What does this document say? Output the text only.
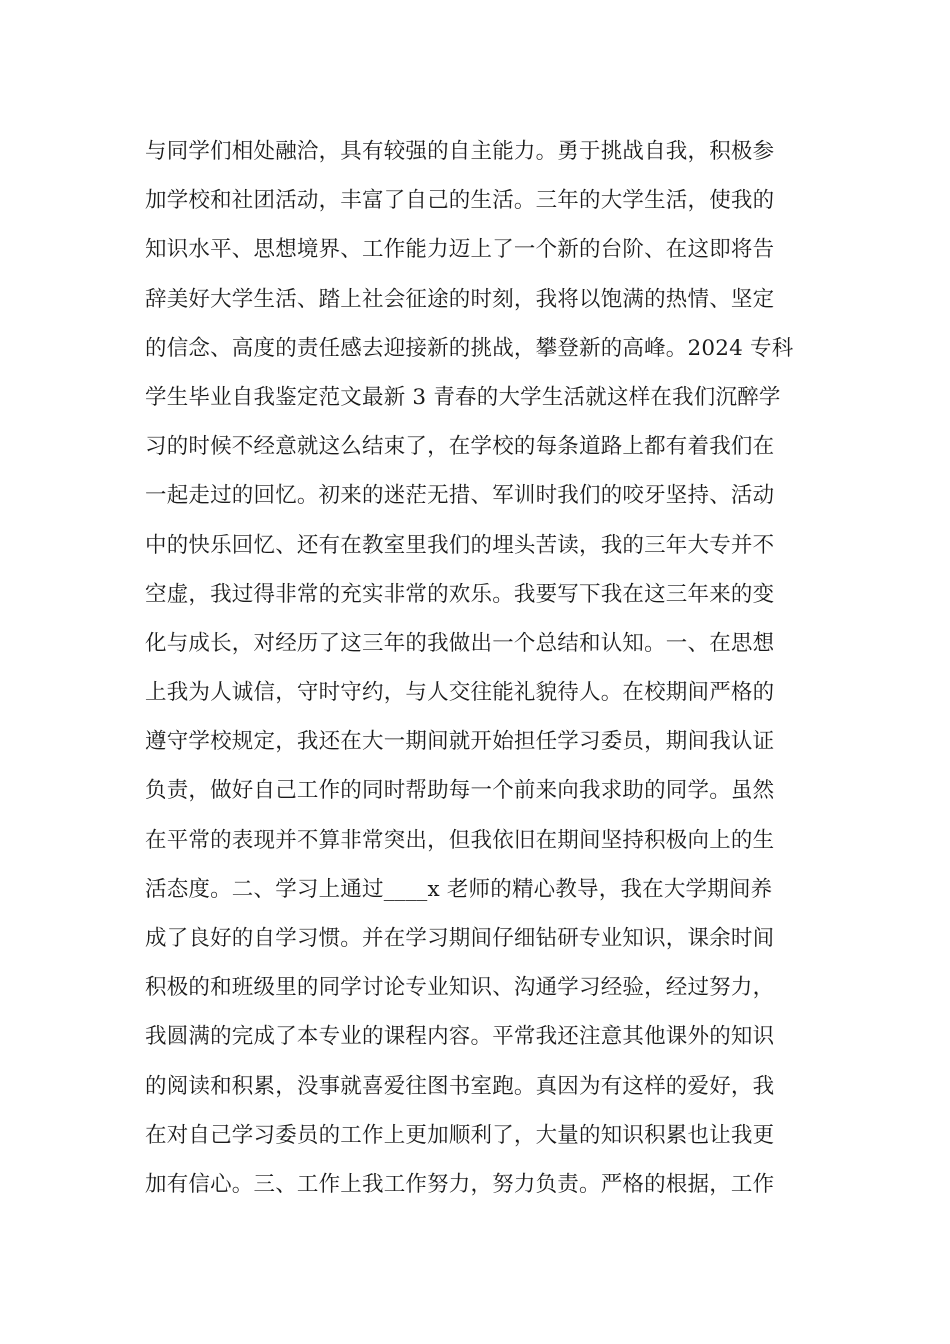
与同学们相处融洽，具有较强的自主能力。勇于挑战自我，积极参
加学校和社团活动，丰富了自己的生活。三年的大学生活，使我的
知识水平、思想境界、工作能力迈上了一个新的台阶、在这即将告
辞美好大学生活、踏上社会征途的时刻，我将以饱满的热情、坚定
的信念、高度的责任感去迎接新的挑战，攀登新的高峰。2024 专科
学生毕业自我鉴定范文最新 3 青春的大学生活就这样在我们沉醉学
习的时候不经意就这么结束了，在学校的每条道路上都有着我们在
一起走过的回忆。初来的迷茫无措、军训时我们的咬牙坚持、活动
中的快乐回忆、还有在教室里我们的埋头苦读，我的三年大专并不
空虚，我过得非常的充实非常的欢乐。我要写下我在这三年来的变
化与成长，对经历了这三年的我做出一个总结和认知。一、在思想
上我为人诚信，守时守约，与人交往能礼貌待人。在校期间严格的
遵守学校规定，我还在大一期间就开始担任学习委员，期间我认证
负责，做好自己工作的同时帮助每一个前来向我求助的同学。虽然
在平常的表现并不算非常突出，但我依旧在期间坚持积极向上的生
活态度。二、学习上通过____x 老师的精心教导，我在大学期间养
成了良好的自学习惯。并在学习期间仔细钻研专业知识，课余时间
积极的和班级里的同学讨论专业知识、沟通学习经验，经过努力，
我圆满的完成了本专业的课程内容。平常我还注意其他课外的知识
的阅读和积累，没事就喜爱往图书室跑。真因为有这样的爱好，我
在对自己学习委员的工作上更加顺利了，大量的知识积累也让我更
加有信心。三、工作上我工作努力，努力负责。严格的根据，工作
